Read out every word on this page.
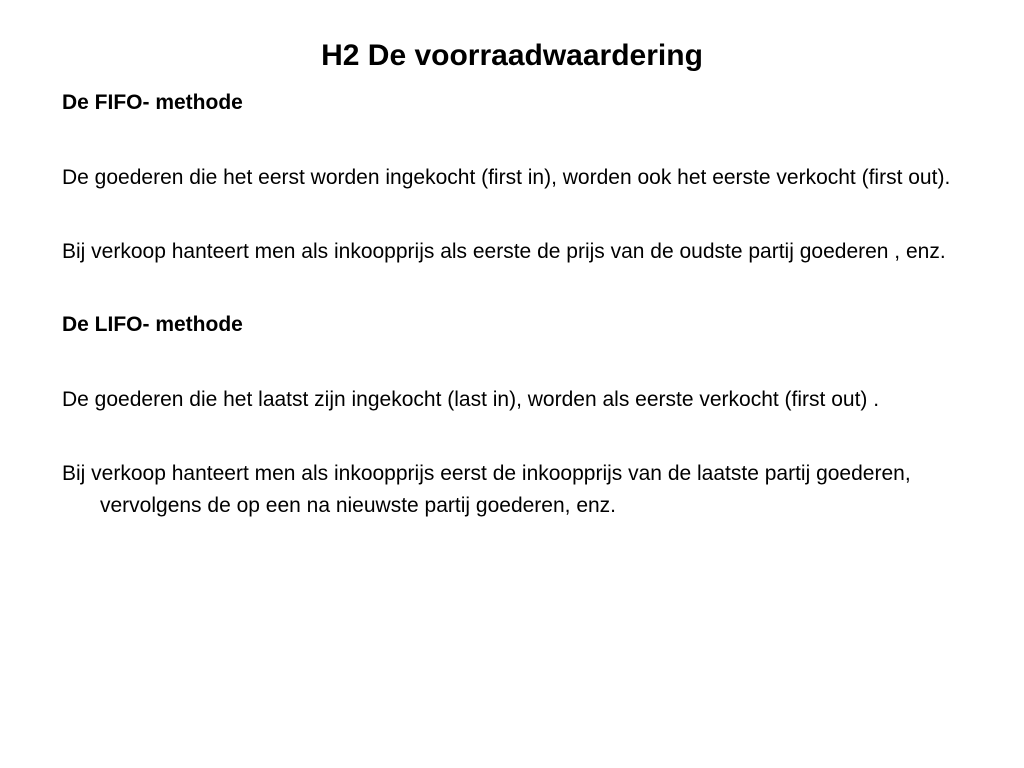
H2 De voorraadwaardering

De FIFO- methode

De goederen die het eerst worden ingekocht (first in), worden ook het eerste verkocht (first out).

Bij verkoop hanteert men als inkoopprijs als eerste de prijs van de oudste partij goederen , enz.

De LIFO- methode

De goederen die het laatst zijn ingekocht (last in), worden als eerste verkocht (first out) .

Bij verkoop hanteert men als inkoopprijs eerst de inkoopprijs van de laatste partij goederen, vervolgens de op een na nieuwste partij goederen, enz.
